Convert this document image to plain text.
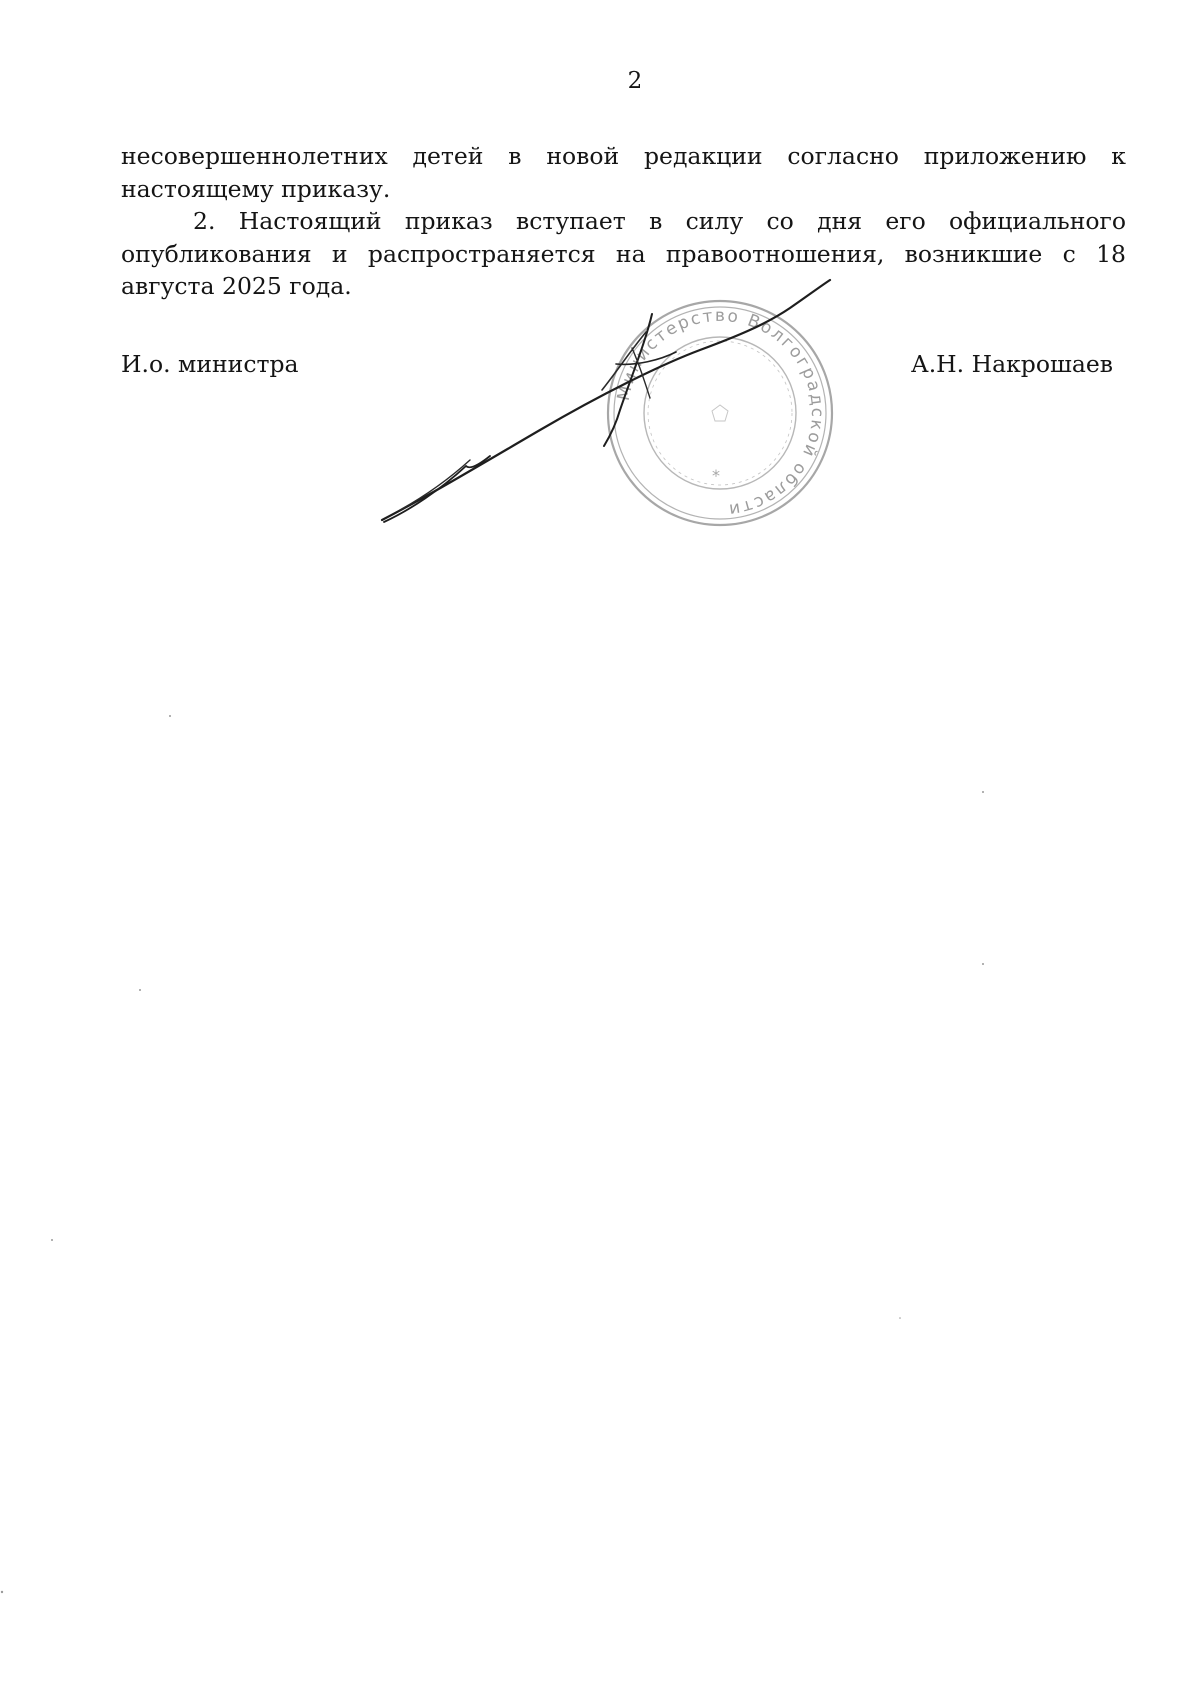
2

несовершеннолетних детей в новой редакции согласно приложению к настоящему приказу.

2. Настоящий приказ вступает в силу со дня его официального опубликования и распространяется на правоотношения, возникшие с 18 августа 2025 года.

Министерство Волгоградской области
*
И.о. министра	А.Н. Накрошаев
